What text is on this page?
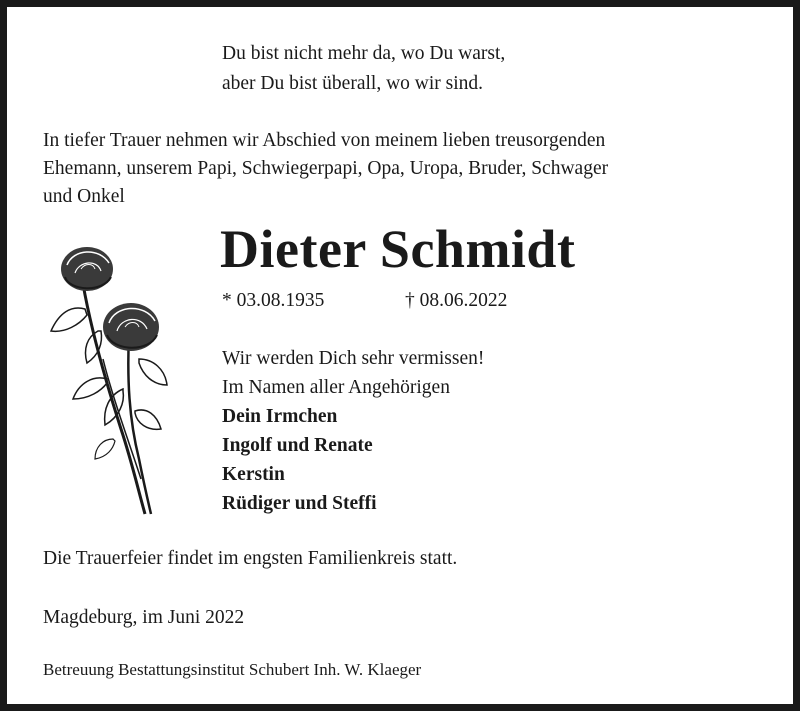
Du bist nicht mehr da, wo Du warst,
aber Du bist überall, wo wir sind.
In tiefer Trauer nehmen wir Abschied von meinem lieben treusorgenden
Ehemann, unserem Papi, Schwiegerpapi, Opa, Uropa, Bruder, Schwager
und Onkel
Dieter Schmidt
* 03.08.1935	† 08.06.2022
Wir werden Dich sehr vermissen!
Im Namen aller Angehörigen
Dein Irmchen
Ingolf und Renate
Kerstin
Rüdiger und Steffi
Die Trauerfeier findet im engsten Familienkreis statt.
Magdeburg, im Juni 2022
Betreuung Bestattungsinstitut Schubert Inh. W. Klaeger
